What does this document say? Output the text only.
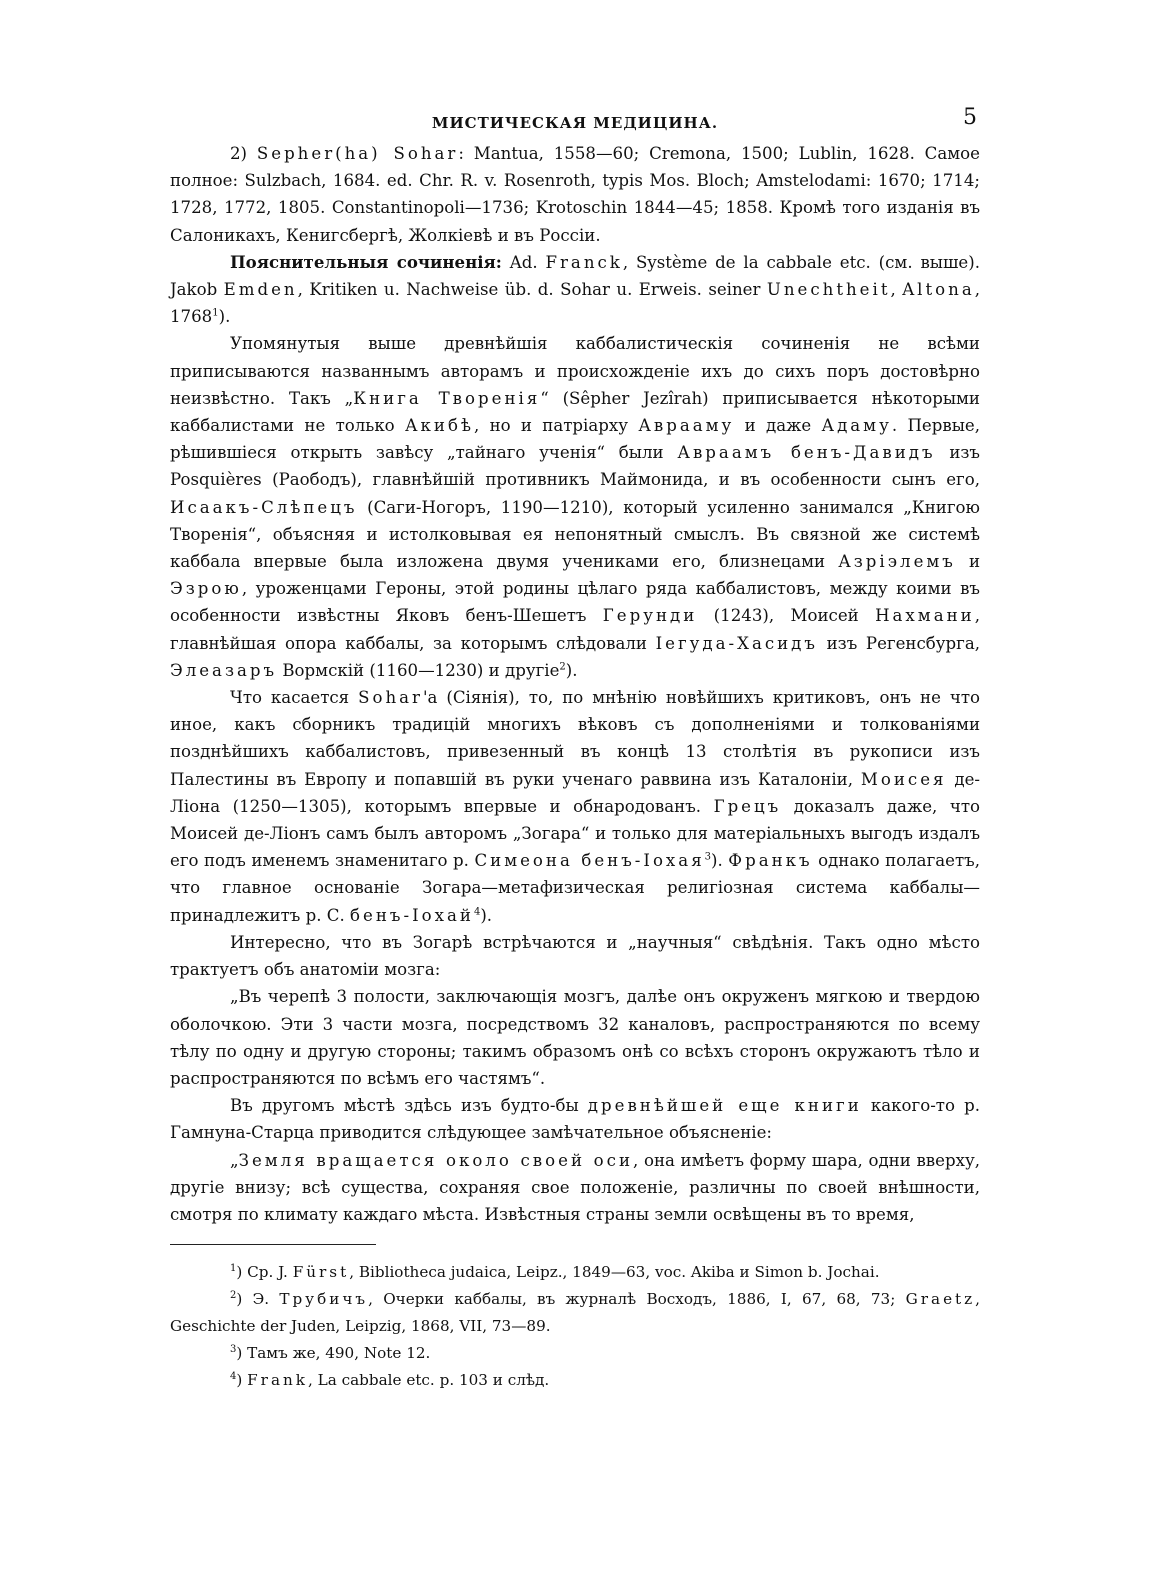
МИСТИЧЕСКАЯ МЕДИЦИНА.	5

2) Sepher(ha) Sohar: Mantua, 1558—60; Cremona, 1500; Lublin, 1628. Самое полное: Sulzbach, 1684. ed. Chr. R. v. Rosenroth, typis Mos. Bloch; Amstelodami: 1670; 1714; 1728, 1772, 1805. Constantinopoli—1736; Krotoschin 1844—45; 1858. Кромѣ того изданія въ Салоникахъ, Кенигсбергѣ, Жолкіевѣ и въ Россіи.

Пояснительныя сочиненія: Ad. Franck, Système de la cabbale etc. (см. выше). Jakob Emden, Kritiken u. Nachweise üb. d. Sohar u. Erweis. seiner Unechtheit, Altona, 1768$^1$).

Упомянутыя выше древнѣйшія каббалистическія сочиненія не всѣми приписываются названнымъ авторамъ и происхожденіе ихъ до сихъ поръ достовѣрно неизвѣстно. Такъ „Книга Творенія“ (Sêpher Jezîrah) приписывается нѣкоторыми каббалистами не только Акибѣ, но и патріарху Аврааму и даже Адаму. Первые, рѣшившіеся открыть завѣсу „тайнаго ученія“ были Авраамъ бенъ-Давидъ изъ Posquières (Раободъ), главнѣйшій противникъ Маймонида, и въ особенности сынъ его, Исаакъ-Слѣпецъ (Саги-Ногоръ, 1190—1210), который усиленно занимался „Книгою Творенія“, объясняя и истолковывая ея непонятный смыслъ. Въ связной же системѣ каббала впервые была изложена двумя учениками его, близнецами Азріэлемъ и Эзрою, уроженцами Героны, этой родины цѣлаго ряда каббалистовъ, между коими въ особенности извѣстны Яковъ бенъ-Шешетъ Герунди (1243), Моисей Нахмани, главнѣйшая опора каббалы, за которымъ слѣдовали Іегуда-Хасидъ изъ Регенсбурга, Элеазаръ Вормскій (1160—1230) и другіе$^2$).

Что касается Sohar'а (Сіянія), то, по мнѣнію новѣйшихъ критиковъ, онъ не что иное, какъ сборникъ традицій многихъ вѣковъ съ дополненіями и толкованіями позднѣйшихъ каббалистовъ, привезенный въ концѣ 13 столѣтія въ рукописи изъ Палестины въ Европу и попавшій въ руки ученаго раввина изъ Каталоніи, Моисея де-Ліона (1250—1305), которымъ впервые и обнародованъ. Грецъ доказалъ даже, что Моисей де-Ліонъ самъ былъ авторомъ „Зогара“ и только для матеріальныхъ выгодъ издалъ его подъ именемъ знаменитаго р. Симеона бенъ-Іохая$^3$). Франкъ однако полагаетъ, что главное основаніе Зогара—метафизическая религіозная система каббалы—принадлежитъ р. С. бенъ-Іохай$^4$).

Интересно, что въ Зогарѣ встрѣчаются и „научныя“ свѣдѣнія. Такъ одно мѣсто трактуетъ объ анатоміи мозга:

„Въ черепѣ 3 полости, заключающія мозгъ, далѣе онъ окруженъ мягкою и твердою оболочкою. Эти 3 части мозга, посредствомъ 32 каналовъ, распространяются по всему тѣлу по одну и другую стороны; такимъ образомъ онѣ со всѣхъ сторонъ окружаютъ тѣло и распространяются по всѣмъ его частямъ“.

Въ другомъ мѣстѣ здѣсь изъ будто-бы древнѣйшей еще книги какого-то р. Гамнуна-Старца приводится слѣдующее замѣчательное объясненіе:

„Земля вращается около своей оси, она имѣетъ форму шара, одни вверху, другіе внизу; всѣ существа, сохраняя свое положеніе, различны по своей внѣшности, смотря по климату каждаго мѣста. Извѣстныя страны земли освѣщены въ то время,

$^1$) Cp. J. Fürst, Bibliotheca judaica, Leipz., 1849—63, voc. Akiba и Simon b. Jochai.

$^2$) Э. Трубичъ, Очерки каббалы, въ журналѣ Восходъ, 1886, I, 67, 68, 73; Graetz, Geschichte der Juden, Leipzig, 1868, VII, 73—89.

$^3$) Тамъ же, 490, Note 12.

$^4$) Frank, La cabbale etc. p. 103 и слѣд.
